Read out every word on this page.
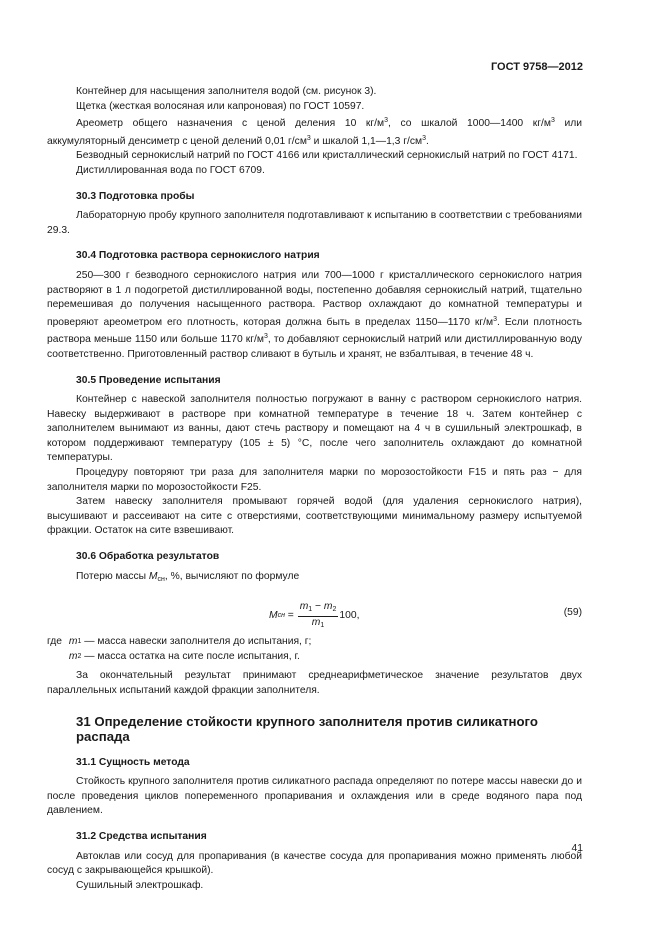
ГОСТ 9758—2012

Контейнер для насыщения заполнителя водой (см. рисунок 3).

Щетка (жесткая волосяная или капроновая) по ГОСТ 10597.

Ареометр общего назначения с ценой деления 10 $кг/м^3$, со шкалой 1000—1400 $кг/м^3$ или аккумуляторный денсиметр с ценой делений 0,01 $г/см^3$ и шкалой 1,1—1,3 $г/см^3$.

Безводный сернокислый натрий по ГОСТ 4166 или кристаллический сернокислый натрий по ГОСТ 4171.

Дистиллированная вода по ГОСТ 6709.

30.3 Подготовка пробы

Лабораторную пробу крупного заполнителя подготавливают к испытанию в соответствии с требованиями 29.3.

30.4 Подготовка раствора сернокислого натрия

250—300 г безводного сернокислого натрия или 700—1000 г кристаллического сернокислого натрия растворяют в 1 л подогретой дистиллированной воды, постепенно добавляя сернокислый натрий, тщательно перемешивая до получения насыщенного раствора. Раствор охлаждают до комнатной температуры и проверяют ареометром его плотность, которая должна быть в пределах 1150—1170 $кг/м^3$. Если плотность раствора меньше 1150 или больше 1170 $кг/м^3$, то добавляют сернокислый натрий или дистиллированную воду соответственно. Приготовленный раствор сливают в бутыль и хранят, не взбалтывая, в течение 48 ч.

30.5 Проведение испытания

Контейнер с навеской заполнителя полностью погружают в ванну с раствором сернокислого натрия. Навеску выдерживают в растворе при комнатной температуре в течение 18 ч. Затем контейнер с заполнителем вынимают из ванны, дают стечь раствору и помещают на 4 ч в сушильный электрошкаф, в котором поддерживают температуру (105 ± 5) °С, после чего заполнитель охлаждают до комнатной температуры.

Процедуру повторяют три раза для заполнителя марки по морозостойкости F15 и пять раз − для заполнителя марки по морозостойкости F25.

Затем навеску заполнителя промывают горячей водой (для удаления сернокислого натрия), высушивают и рассеивают на сите с отверстиями, соответствующими минимальному размеру испытуемой фракции. Остаток на сите взвешивают.

30.6 Обработка результатов

Потерю массы $M_{сн}$, %, вычисляют по формуле

M сн = $\frac{m_1 - m_2}{m_1} 100$,	(59)
где
m 1 — масса навески заполнителя до испытания, г;

m 2 — масса остатка на сите после испытания, г.

За окончательный результат принимают среднеарифметическое значение результатов двух параллельных испытаний каждой фракции заполнителя.

31 Определение стойкости крупного заполнителя против силикатного распада
31.1 Сущность метода

Стойкость крупного заполнителя против силикатного распада определяют по потере массы навески до и после проведения циклов попеременного пропаривания и охлаждения или в среде водяного пара под давлением.

31.2 Средства испытания

Автоклав или сосуд для пропаривания (в качестве сосуда для пропаривания можно применять любой сосуд с закрывающейся крышкой).

Сушильный электрошкаф.

41
